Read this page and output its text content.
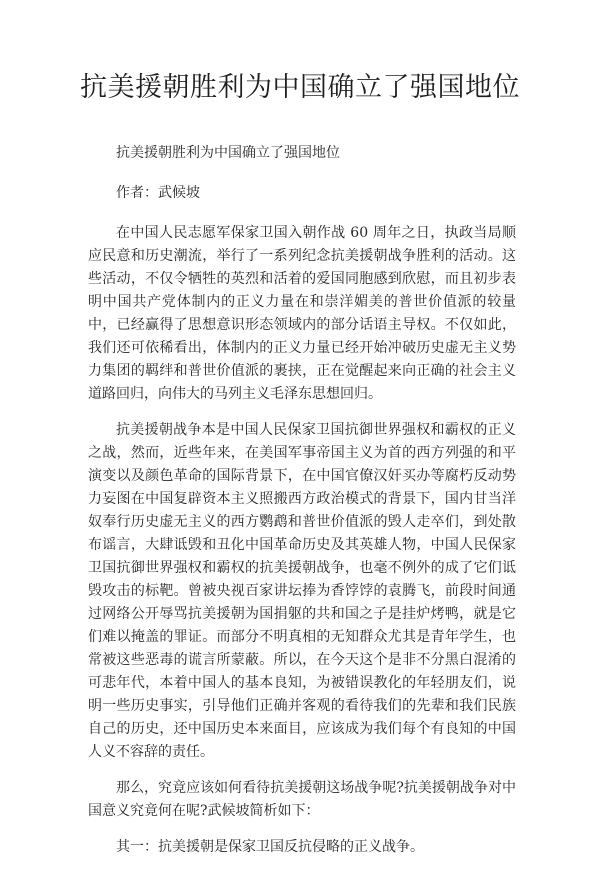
抗美援朝胜利为中国确立了强国地位

抗美援朝胜利为中国确立了强国地位

作者：武候坡

在中国人民志愿军保家卫国入朝作战 60 周年之日，执政当局顺应民意和历史潮流，举行了一系列纪念抗美援朝战争胜利的活动。这些活动，不仅令牺牲的英烈和活着的爱国同胞感到欣慰，而且初步表明中国共产党体制内的正义力量在和崇洋媚美的普世价值派的较量中，已经赢得了思想意识形态领域内的部分话语主导权。不仅如此，我们还可依稀看出，体制内的正义力量已经开始冲破历史虚无主义势力集团的羁绊和普世价值派的裹挟，正在觉醒起来向正确的社会主义道路回归，向伟大的马列主义毛泽东思想回归。

抗美援朝战争本是中国人民保家卫国抗御世界强权和霸权的正义之战，然而，近些年来，在美国军事帝国主义为首的西方列强的和平演变以及颜色革命的国际背景下，在中国官僚汉奸买办等腐朽反动势力妄图在中国复辟资本主义照搬西方政治模式的背景下，国内甘当洋奴奉行历史虚无主义的西方鹦鹉和普世价值派的毁人走卒们，到处散布谣言，大肆诋毁和丑化中国革命历史及其英雄人物，中国人民保家卫国抗御世界强权和霸权的抗美援朝战争，也毫不例外的成了它们诋毁攻击的标靶。曾被央视百家讲坛捧为香饽饽的袁腾飞，前段时间通过网络公开辱骂抗美援朝为国捐躯的共和国之子是挂炉烤鸭，就是它们难以掩盖的罪证。而部分不明真相的无知群众尤其是青年学生，也常被这些恶毒的谎言所蒙蔽。所以，在今天这个是非不分黑白混淆的可悲年代，本着中国人的基本良知，为被错误教化的年轻朋友们，说明一些历史事实，引导他们正确并客观的看待我们的先辈和我们民族自己的历史，还中国历史本来面目，应该成为我们每个有良知的中国人义不容辞的责任。

那么，究竟应该如何看待抗美援朝这场战争呢?抗美援朝战争对中国意义究竟何在呢?武候坡简析如下：

其一：抗美援朝是保家卫国反抗侵略的正义战争。
